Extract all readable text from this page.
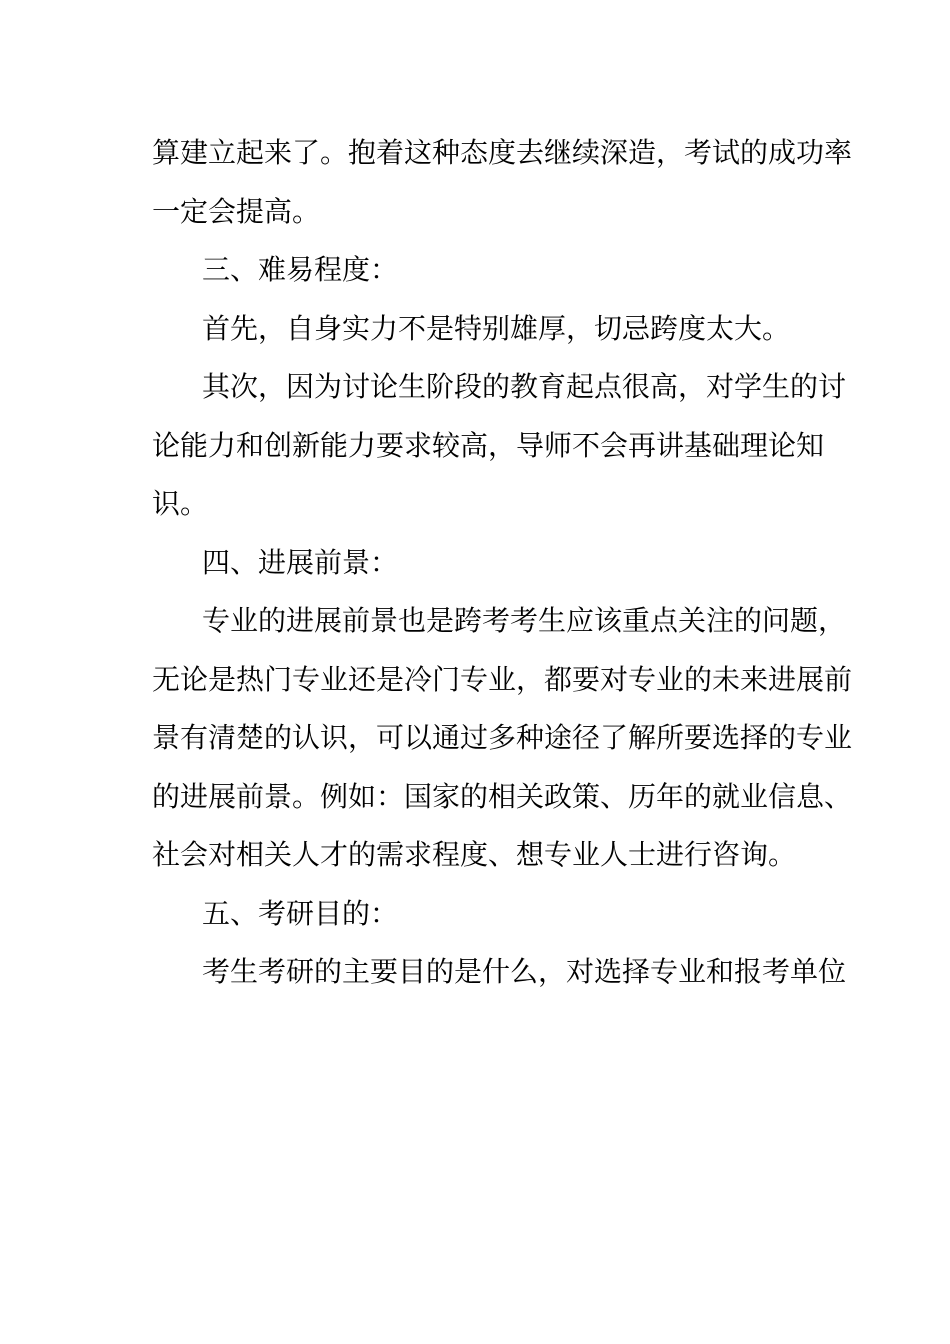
算建立起来了。抱着这种态度去继续深造，考试的成功率
一定会提高。
三、难易程度：
首先，自身实力不是特别雄厚，切忌跨度太大。
其次，因为讨论生阶段的教育起点很高，对学生的讨
论能力和创新能力要求较高，导师不会再讲基础理论知
识。
四、进展前景：
专业的进展前景也是跨考考生应该重点关注的问题，
无论是热门专业还是冷门专业，都要对专业的未来进展前
景有清楚的认识，可以通过多种途径了解所要选择的专业
的进展前景。例如：国家的相关政策、历年的就业信息、
社会对相关人才的需求程度、想专业人士进行咨询。
五、考研目的：
考生考研的主要目的是什么，对选择专业和报考单位
